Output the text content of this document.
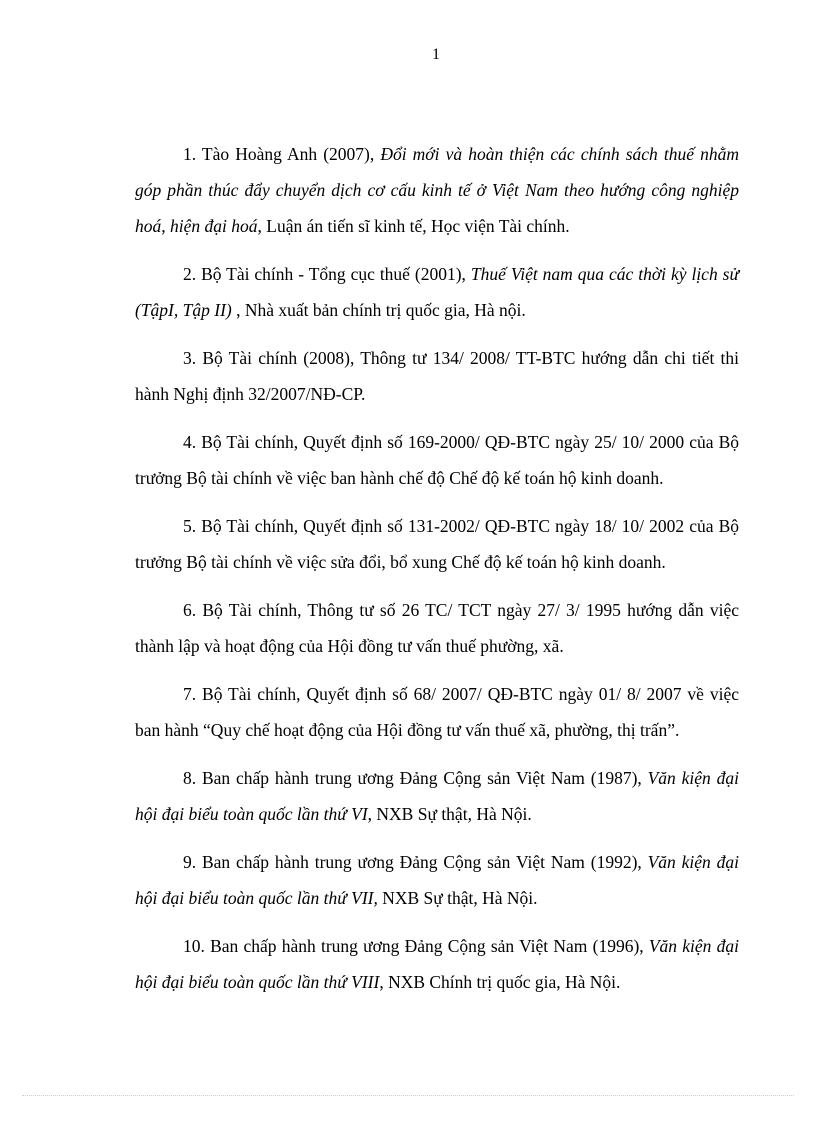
1

1. Tào Hoàng Anh (2007), Đổi mới và hoàn thiện các chính sách thuế nhằm góp phần thúc đẩy chuyển dịch cơ cấu kinh tế ở Việt Nam theo hướng công nghiệp hoá, hiện đại hoá, Luận án tiến sĩ kinh tế, Học viện Tài chính.

2. Bộ Tài chính - Tổng cục thuế (2001), Thuế Việt nam qua các thời kỳ lịch sử (TậpI, Tập II) , Nhà xuất bản chính trị quốc gia, Hà nội.

3. Bộ Tài chính (2008), Thông tư 134/ 2008/ TT-BTC hướng dẫn chi tiết thi hành Nghị định 32/2007/NĐ-CP.

4. Bộ Tài chính, Quyết định số 169-2000/ QĐ-BTC ngày 25/ 10/ 2000 của Bộ trưởng Bộ tài chính về việc ban hành chế độ Chế độ kế toán hộ kinh doanh.

5. Bộ Tài chính, Quyết định số 131-2002/ QĐ-BTC ngày 18/ 10/ 2002 của Bộ trưởng Bộ tài chính về việc sửa đổi, bổ xung Chế độ kế toán hộ kinh doanh.

6. Bộ Tài chính, Thông tư số 26 TC/ TCT ngày 27/ 3/ 1995 hướng dẫn việc thành lập và hoạt động của Hội đồng tư vấn thuế phường, xã.

7. Bộ Tài chính, Quyết định số 68/ 2007/ QĐ-BTC ngày 01/ 8/ 2007 về việc ban hành “Quy chế hoạt động của Hội đồng tư vấn thuế xã, phường, thị trấn”.

8. Ban chấp hành trung ương Đảng Cộng sản Việt Nam (1987), Văn kiện đại hội đại biểu toàn quốc lần thứ VI, NXB Sự thật, Hà Nội.

9. Ban chấp hành trung ương Đảng Cộng sản Việt Nam (1992), Văn kiện đại hội đại biểu toàn quốc lần thứ VII, NXB Sự thật, Hà Nội.

10. Ban chấp hành trung ương Đảng Cộng sản Việt Nam (1996), Văn kiện đại hội đại biểu toàn quốc lần thứ VIII, NXB Chính trị quốc gia, Hà Nội.
